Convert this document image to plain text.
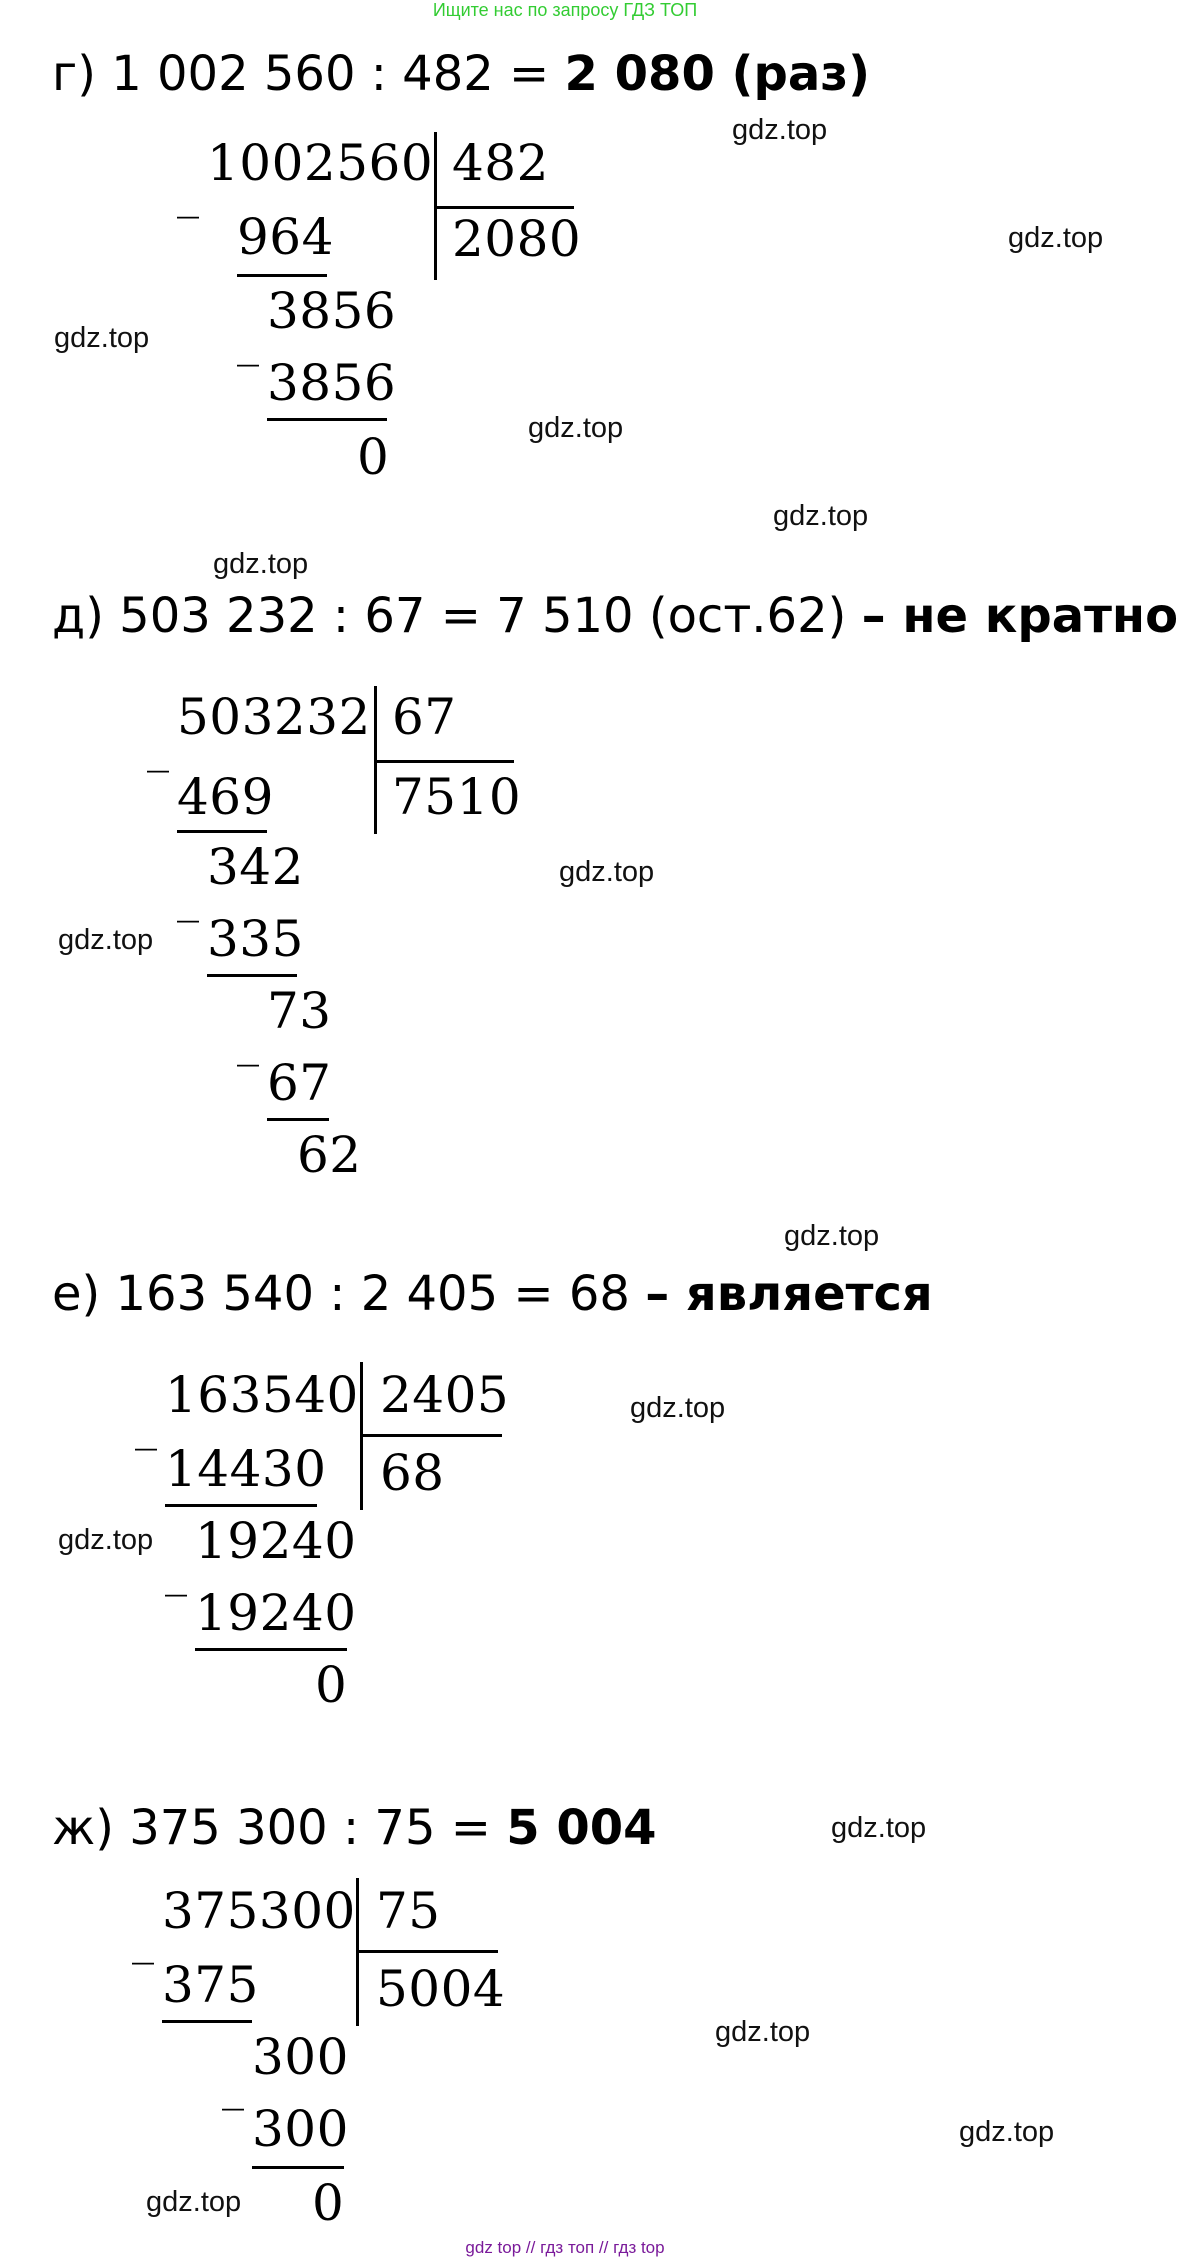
Ищите нас по запросу ГДЗ ТОП
г) 1 002 560 : 482 = 2 080 (раз)
_
1002560 482
2080
964
_
3856
3856
0
д) 503 232 : 67 = 7 510 (ост.62) – не кратно
_
503232 67
7510
469
_
342
335
_
73
67
62
е) 163 540 : 2 405 = 68 – является
_
163540 2405
68
14430
_
19240
19240
0
ж) 375 300 : 75 = 5 004
_ 375300 75
5004
375
_ 300
300
0
gdz.top
gdz.top
gdz.top
gdz.top
gdz.top
gdz.top
gdz.top
gdz.top
gdz.top
gdz.top
gdz.top
gdz.top
gdz.top
gdz.top
gdz.top
gdz top // гдз топ // гдз top
